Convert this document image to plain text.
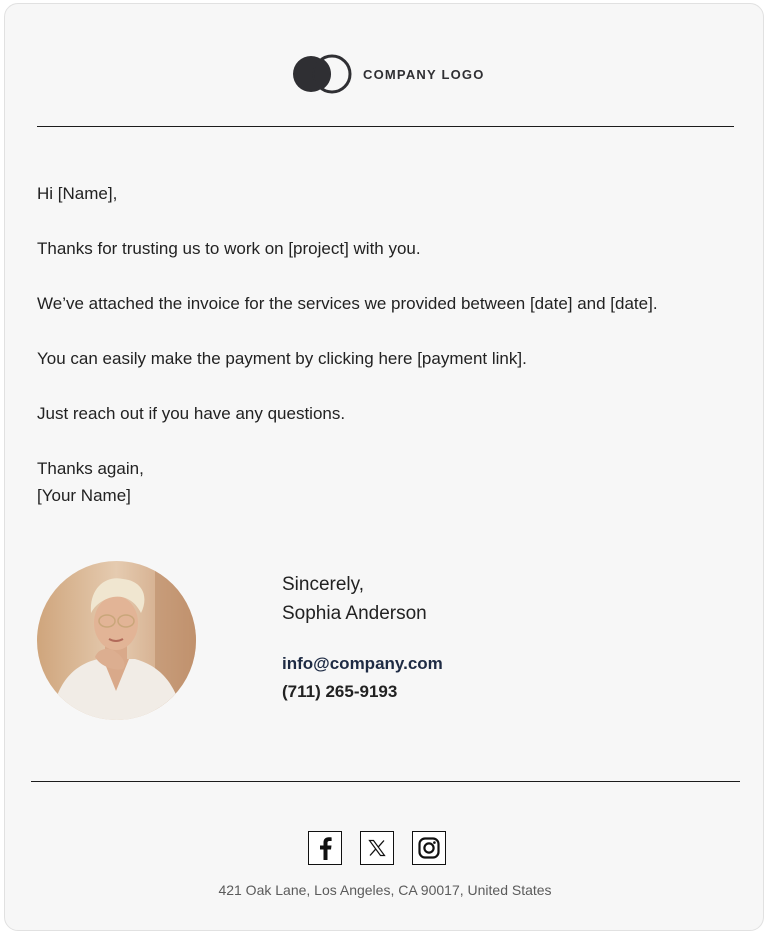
COMPANY LOGO

Hi [Name],

Thanks for trusting us to work on [project] with you.

We’ve attached the invoice for the services we provided between [date] and [date].

You can easily make the payment by clicking here [payment link].

Just reach out if you have any questions.

Thanks again,

[Your Name]

Sincerely,
Sophia Anderson
info@company.com
(711) 265-9193
421 Oak Lane, Los Angeles, CA 90017, United States
